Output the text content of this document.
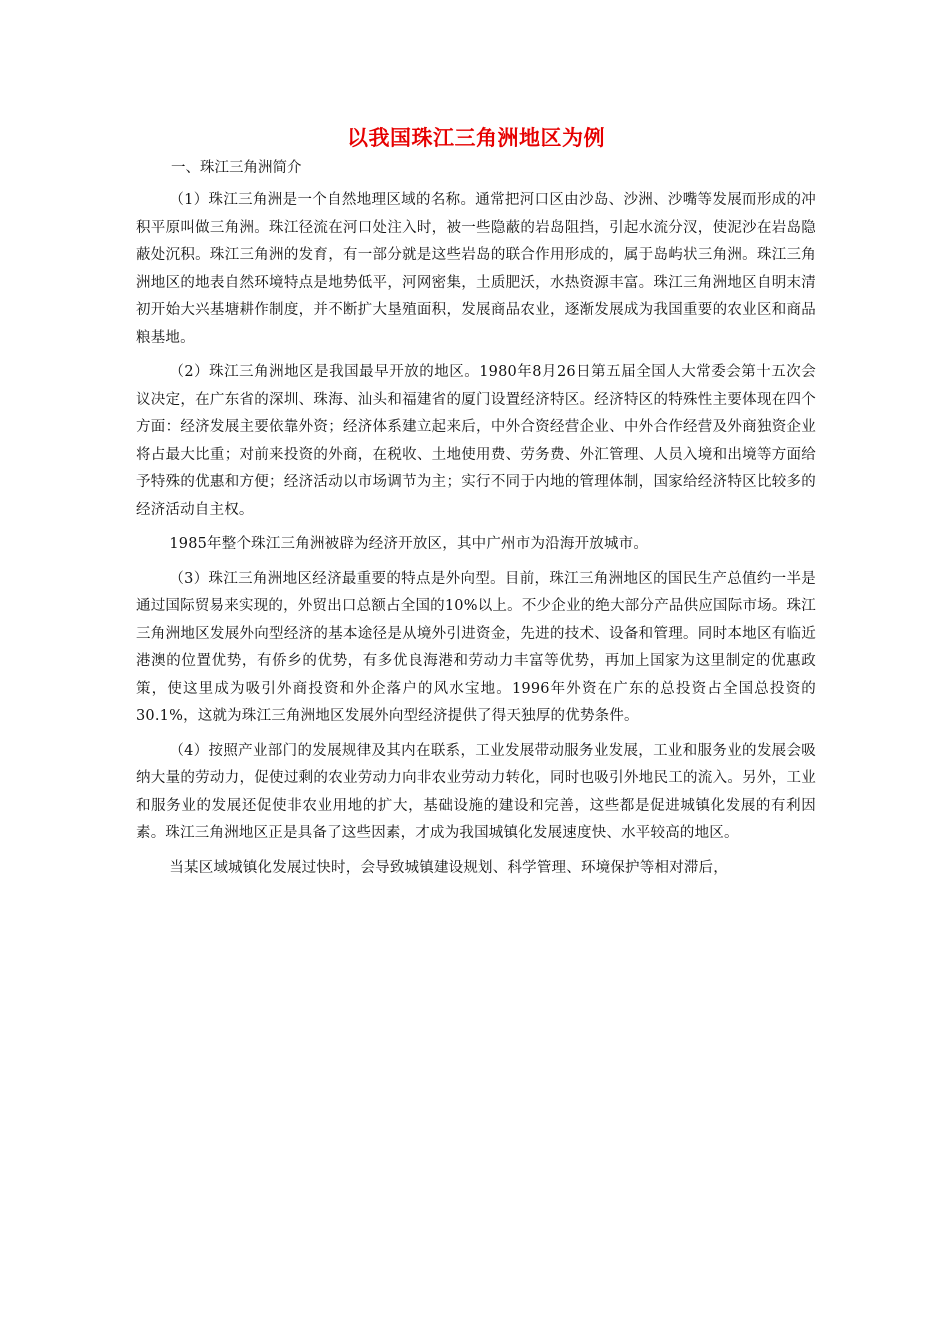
以我国珠江三角洲地区为例

一、珠江三角洲简介

（1）珠江三角洲是一个自然地理区域的名称。通常把河口区由沙岛、沙洲、沙嘴等发展而形成的冲积平原叫做三角洲。珠江径流在河口处注入时，被一些隐蔽的岩岛阻挡，引起水流分汊，使泥沙在岩岛隐蔽处沉积。珠江三角洲的发育，有一部分就是这些岩岛的联合作用形成的，属于岛屿状三角洲。珠江三角洲地区的地表自然环境特点是地势低平，河网密集，土质肥沃，水热资源丰富。珠江三角洲地区自明末清初开始大兴基塘耕作制度，并不断扩大垦殖面积，发展商品农业，逐渐发展成为我国重要的农业区和商品粮基地。

（2）珠江三角洲地区是我国最早开放的地区。1980年8月26日第五届全国人大常委会第十五次会议决定，在广东省的深圳、珠海、汕头和福建省的厦门设置经济特区。经济特区的特殊性主要体现在四个方面：经济发展主要依靠外资；经济体系建立起来后，中外合资经营企业、中外合作经营及外商独资企业将占最大比重；对前来投资的外商，在税收、土地使用费、劳务费、外汇管理、人员入境和出境等方面给予特殊的优惠和方便；经济活动以市场调节为主；实行不同于内地的管理体制，国家给经济特区比较多的经济活动自主权。

1985年整个珠江三角洲被辟为经济开放区，其中广州市为沿海开放城市。

（3）珠江三角洲地区经济最重要的特点是外向型。目前，珠江三角洲地区的国民生产总值约一半是通过国际贸易来实现的，外贸出口总额占全国的10%以上。不少企业的绝大部分产品供应国际市场。珠江三角洲地区发展外向型经济的基本途径是从境外引进资金，先进的技术、设备和管理。同时本地区有临近港澳的位置优势，有侨乡的优势，有多优良海港和劳动力丰富等优势，再加上国家为这里制定的优惠政策，使这里成为吸引外商投资和外企落户的风水宝地。1996年外资在广东的总投资占全国总投资的30.1%，这就为珠江三角洲地区发展外向型经济提供了得天独厚的优势条件。

（4）按照产业部门的发展规律及其内在联系，工业发展带动服务业发展，工业和服务业的发展会吸纳大量的劳动力，促使过剩的农业劳动力向非农业劳动力转化，同时也吸引外地民工的流入。另外，工业和服务业的发展还促使非农业用地的扩大，基础设施的建设和完善，这些都是促进城镇化发展的有利因素。珠江三角洲地区正是具备了这些因素，才成为我国城镇化发展速度快、水平较高的地区。

当某区域城镇化发展过快时，会导致城镇建设规划、科学管理、环境保护等相对滞后，
